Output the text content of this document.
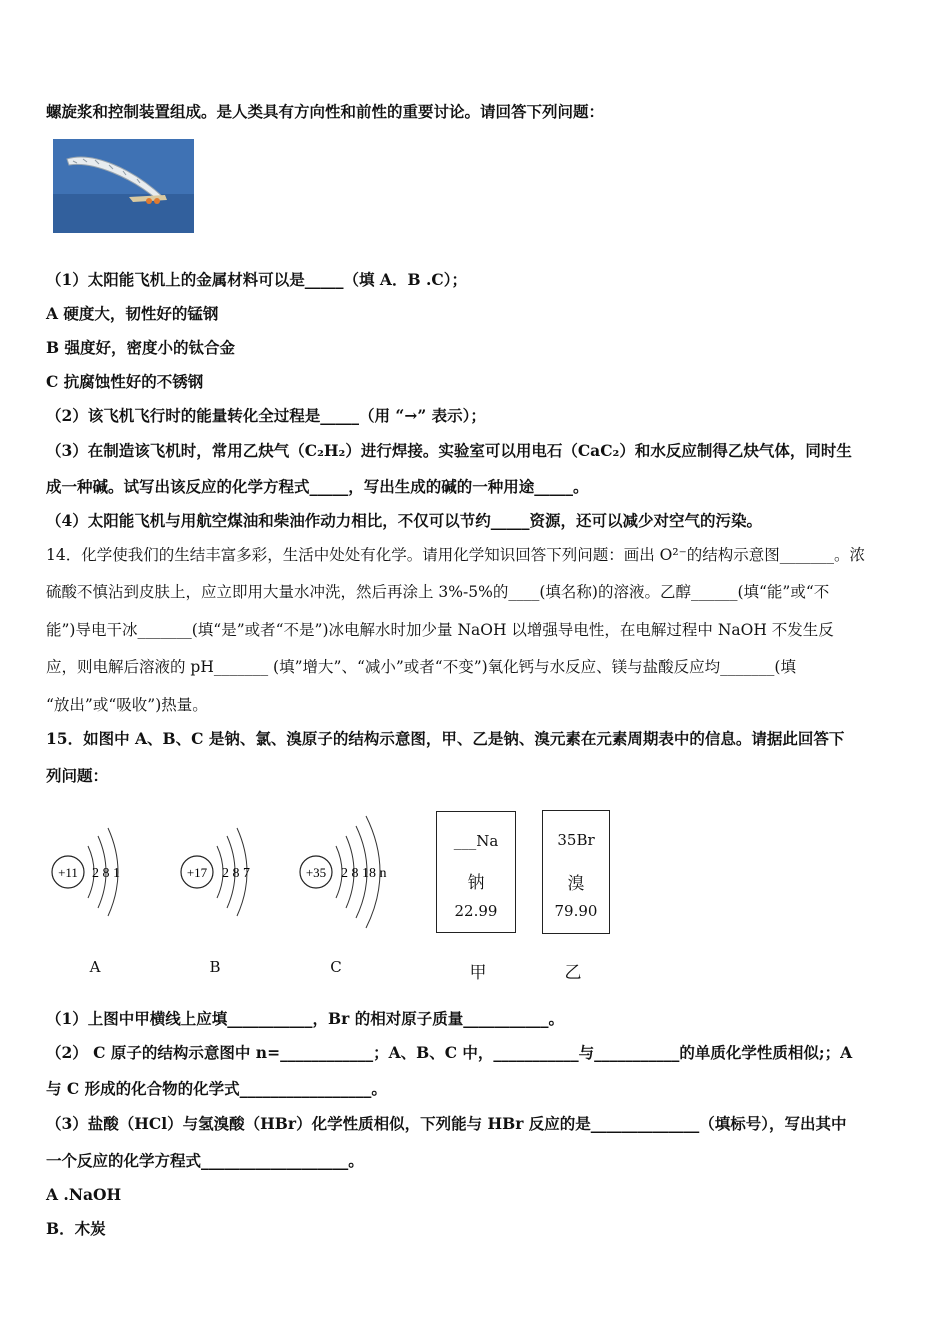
螺旋浆和控制装置组成。是人类具有方向性和前性的重要讨论。请回答下列问题：
（1）太阳能飞机上的金属材料可以是_____（填 A．B .C）；
A 硬度大，韧性好的锰钢
B 强度好，密度小的钛合金
C 抗腐蚀性好的不锈钢
（2）该飞机飞行时的能量转化全过程是_____（用 “→” 表示）；
（3）在制造该飞机时，常用乙炔气（C₂H₂）进行焊接。实验室可以用电石（CaC₂）和水反应制得乙炔气体，同时生
成一种碱。试写出该反应的化学方程式_____，写出生成的碱的一种用途_____。
（4）太阳能飞机与用航空煤油和柴油作动力相比，不仅可以节约_____资源，还可以减少对空气的污染。
14．化学使我们的生结丰富多彩，生活中处处有化学。请用化学知识回答下列问题：画出 O²⁻的结构示意图_______。浓
硫酸不慎沾到皮肤上，应立即用大量水冲洗，然后再涂上 3%-5%的____(填名称)的溶液。乙醇______(填“能”或“不
能”)导电干冰_______(填“是”或者“不是”)冰电解水时加少量 NaOH 以增强导电性，在电解过程中 NaOH 不发生反
应，则电解后溶液的 pH_______ (填”增大”、“减小”或者“不变”)氧化钙与水反应、镁与盐酸反应均_______(填
“放出”或“吸收”)热量。
15．如图中 A、B、C 是钠、氯、溴原子的结构示意图，甲、乙是钠、溴元素在元素周期表中的信息。请据此回答下
列问题：
+11 2 8 1	+17 2 8 7	+35 2 8 18 n
A	B	C
___Na
钠
22.99
35Br
溴
79.90
甲	乙
（1）上图中甲横线上应填___________，Br 的相对原子质量___________。
（2） C 原子的结构示意图中 n=____________；A、B、C 中，___________与___________的单质化学性质相似;；A
与 C 形成的化合物的化学式_________________。
（3）盐酸（HCl）与氢溴酸（HBr）化学性质相似，下列能与 HBr 反应的是______________（填标号），写出其中
一个反应的化学方程式___________________。
A .NaOH
B．木炭
